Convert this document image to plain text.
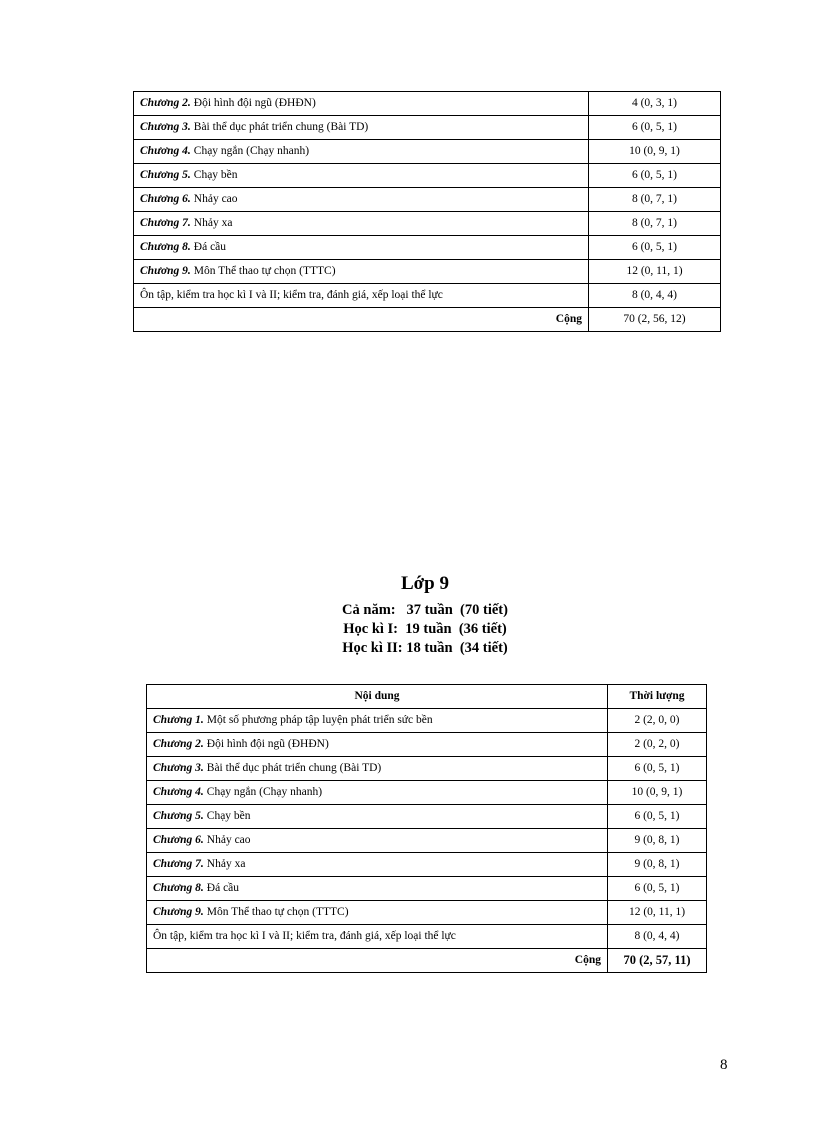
Chương 2. Đội hình đội ngũ (ĐHĐN)	4 (0, 3, 1)
Chương 3. Bài thể dục phát triển chung (Bài TD)	6 (0, 5, 1)
Chương 4. Chạy ngắn (Chạy nhanh)	10 (0, 9, 1)
Chương 5. Chạy bền	6 (0, 5, 1)
Chương 6. Nhảy cao	8 (0, 7, 1)
Chương 7. Nhảy xa	8 (0, 7, 1)
Chương 8. Đá cầu	6 (0, 5, 1)
Chương 9. Môn Thể thao tự chọn (TTTC)	12 (0, 11, 1)
Ôn tập, kiểm tra học kì I và II; kiểm tra, đánh giá, xếp loại thể lực	8 (0, 4, 4)
Cộng	70 (2, 56, 12)
Lớp 9
Cả năm:   37 tuần  (70 tiết)
Học kì I:  19 tuần  (36 tiết)
Học kì II: 18 tuần  (34 tiết)
Nội dung	Thời lượng
Chương 1. Một số phương pháp tập luyện phát triển sức bền	2 (2, 0, 0)
Chương 2. Đội hình đội ngũ (ĐHĐN)	2 (0, 2, 0)
Chương 3. Bài thể dục phát triển chung (Bài TD)	6 (0, 5, 1)
Chương 4. Chạy ngắn (Chạy nhanh)	10 (0, 9, 1)
Chương 5. Chạy bền	6 (0, 5, 1)
Chương 6. Nhảy cao	9 (0, 8, 1)
Chương 7. Nhảy xa	9 (0, 8, 1)
Chương 8. Đá cầu	6 (0, 5, 1)
Chương 9. Môn Thể thao tự chọn (TTTC)	12 (0, 11, 1)
Ôn tập, kiểm tra học kì I và II; kiểm tra, đánh giá, xếp loại thể lực	8 (0, 4, 4)
Cộng	70 (2, 57, 11)
8
